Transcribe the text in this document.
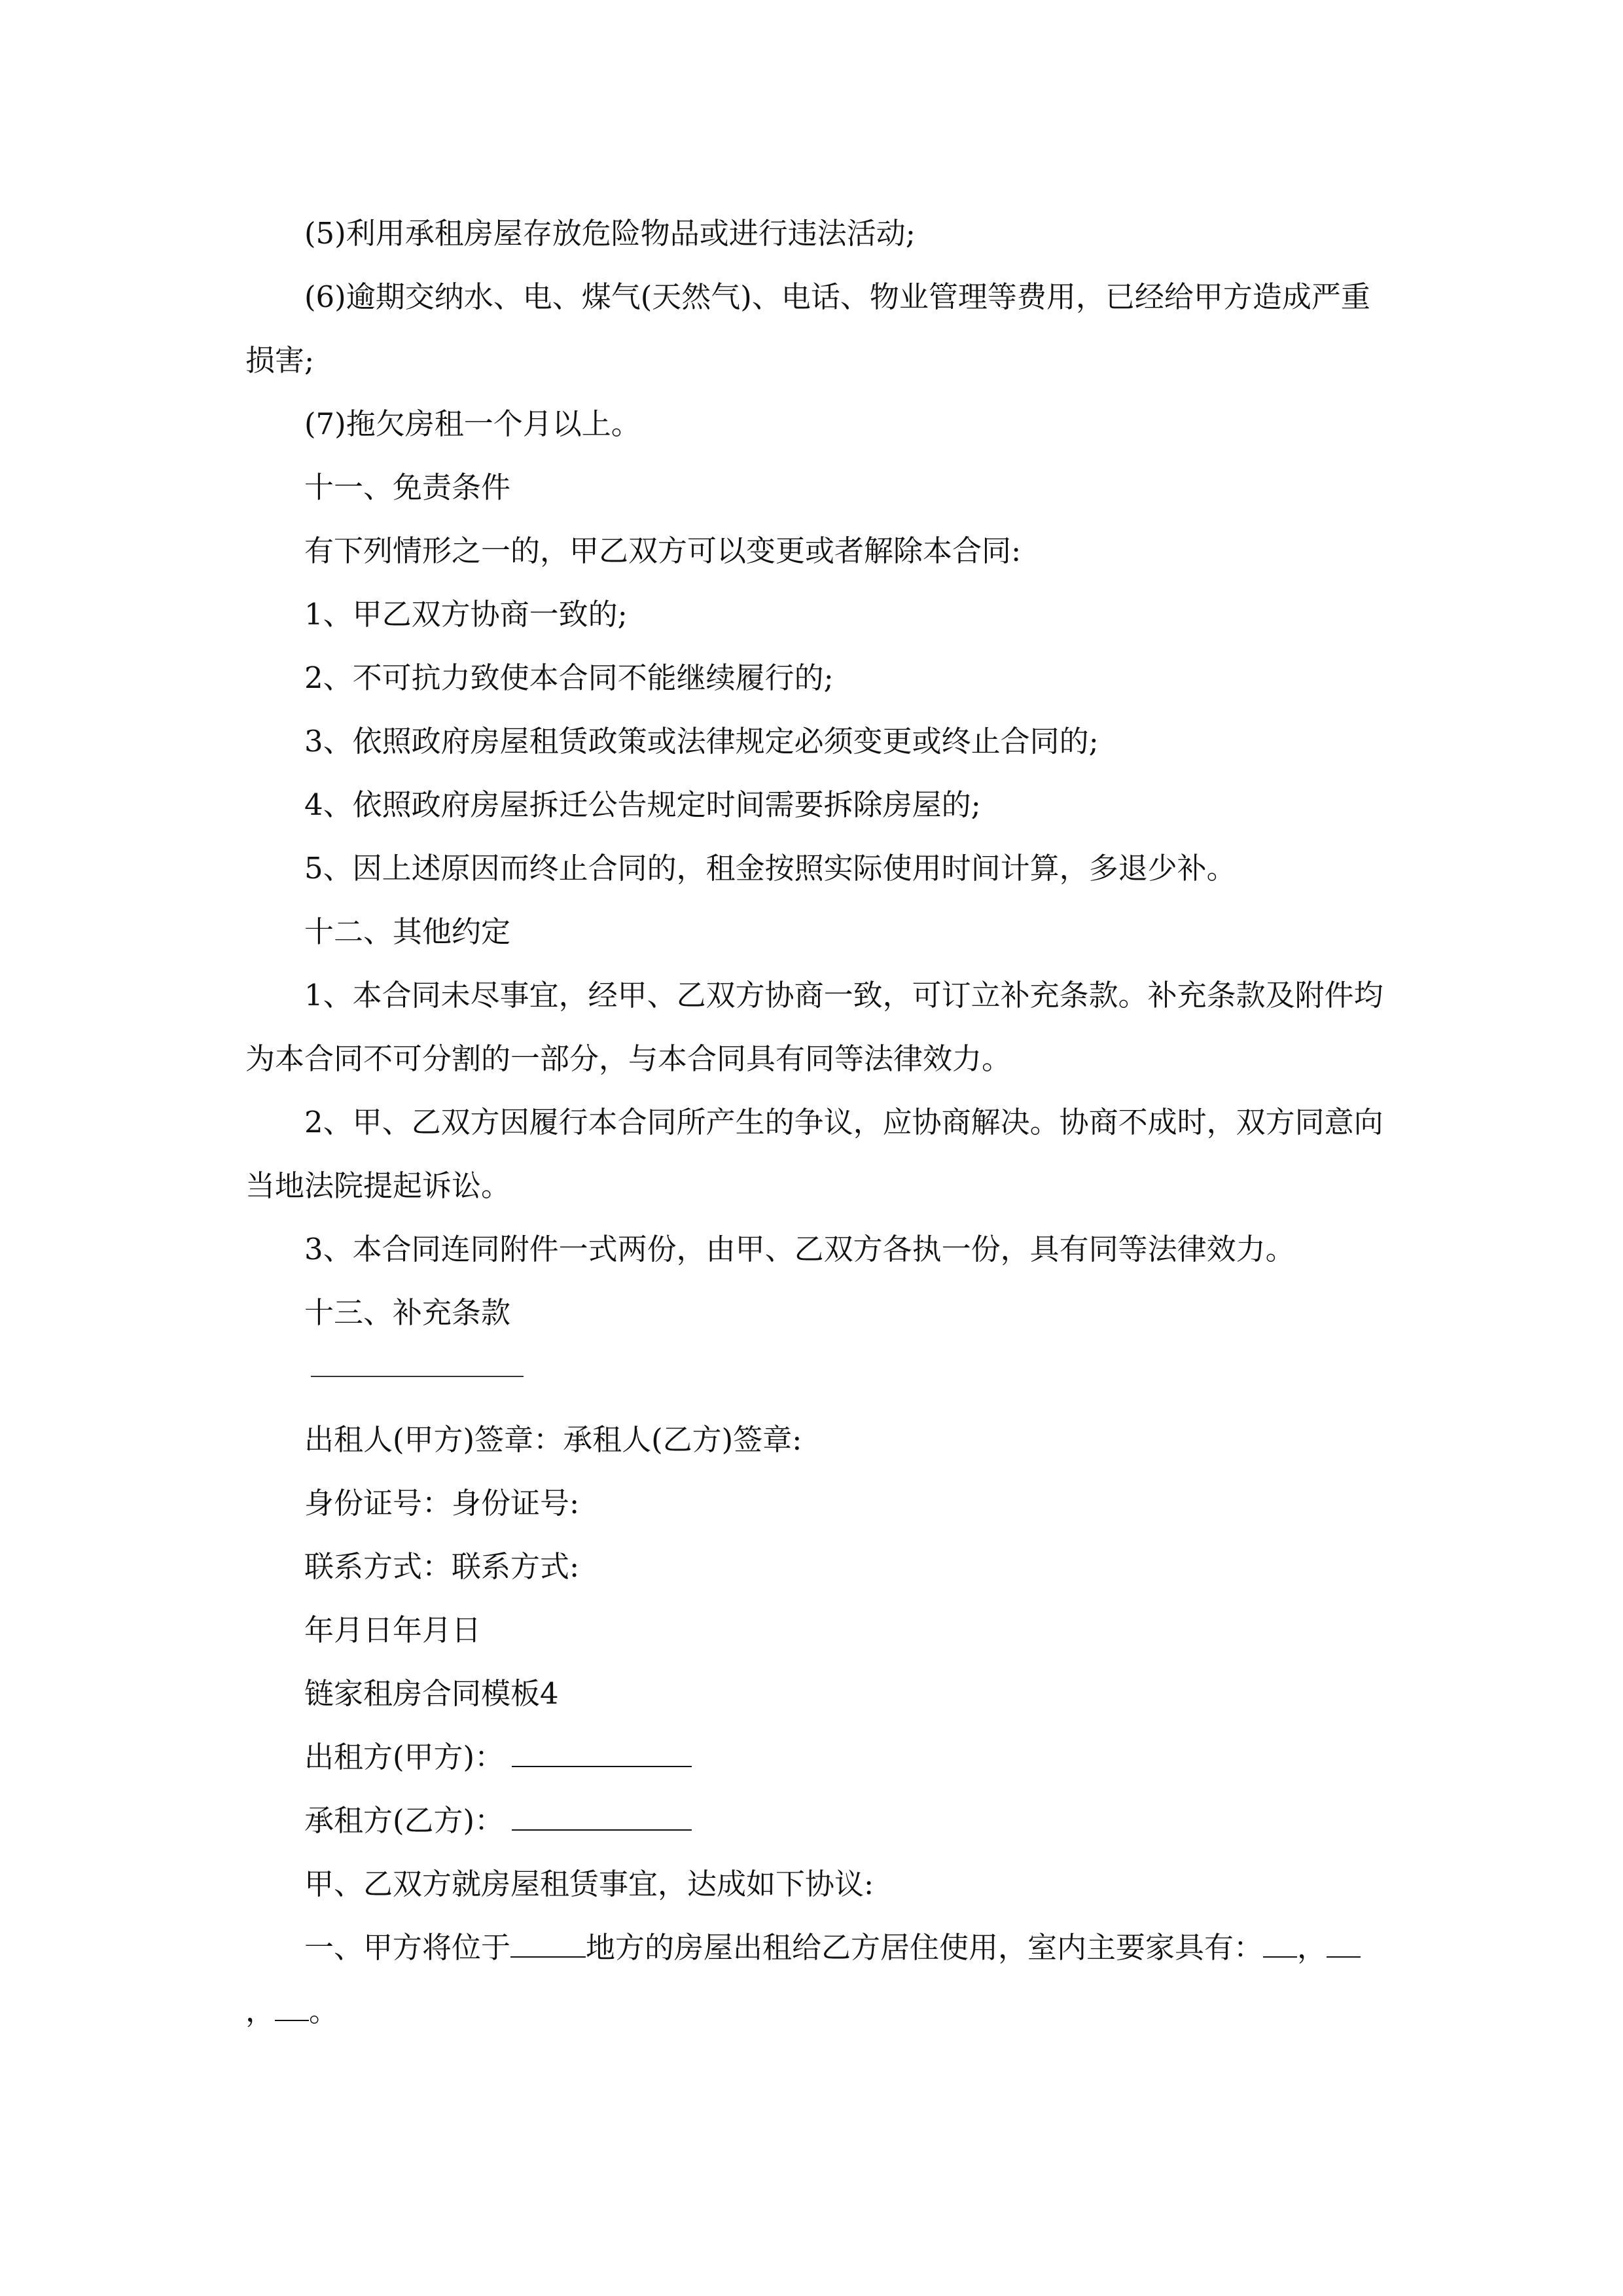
(5)利用承租房屋存放危险物品或进行违法活动;

(6)逾期交纳水、电、煤气(天然气)、电话、物业管理等费用，已经给甲方造成严重损害;

(7)拖欠房租一个月以上。

十一、免责条件

有下列情形之一的，甲乙双方可以变更或者解除本合同:

1、甲乙双方协商一致的;

2、不可抗力致使本合同不能继续履行的;

3、依照政府房屋租赁政策或法律规定必须变更或终止合同的;

4、依照政府房屋拆迁公告规定时间需要拆除房屋的;

5、因上述原因而终止合同的，租金按照实际使用时间计算，多退少补。

十二、其他约定

1、本合同未尽事宜，经甲、乙双方协商一致，可订立补充条款。补充条款及附件均为本合同不可分割的一部分，与本合同具有同等法律效力。

2、甲、乙双方因履行本合同所产生的争议，应协商解决。协商不成时，双方同意向当地法院提起诉讼。

3、本合同连同附件一式两份，由甲、乙双方各执一份，具有同等法律效力。

十三、补充条款

出租人(甲方)签章：承租人(乙方)签章:

身份证号：身份证号:

联系方式：联系方式:

年月日年月日

链家租房合同模板4

出租方(甲方)：

承租方(乙方)：

甲、乙双方就房屋租赁事宜，达成如下协议:

一、甲方将位于	地方的房屋出租给乙方居住使用，室内主要家具有： ，， 。
